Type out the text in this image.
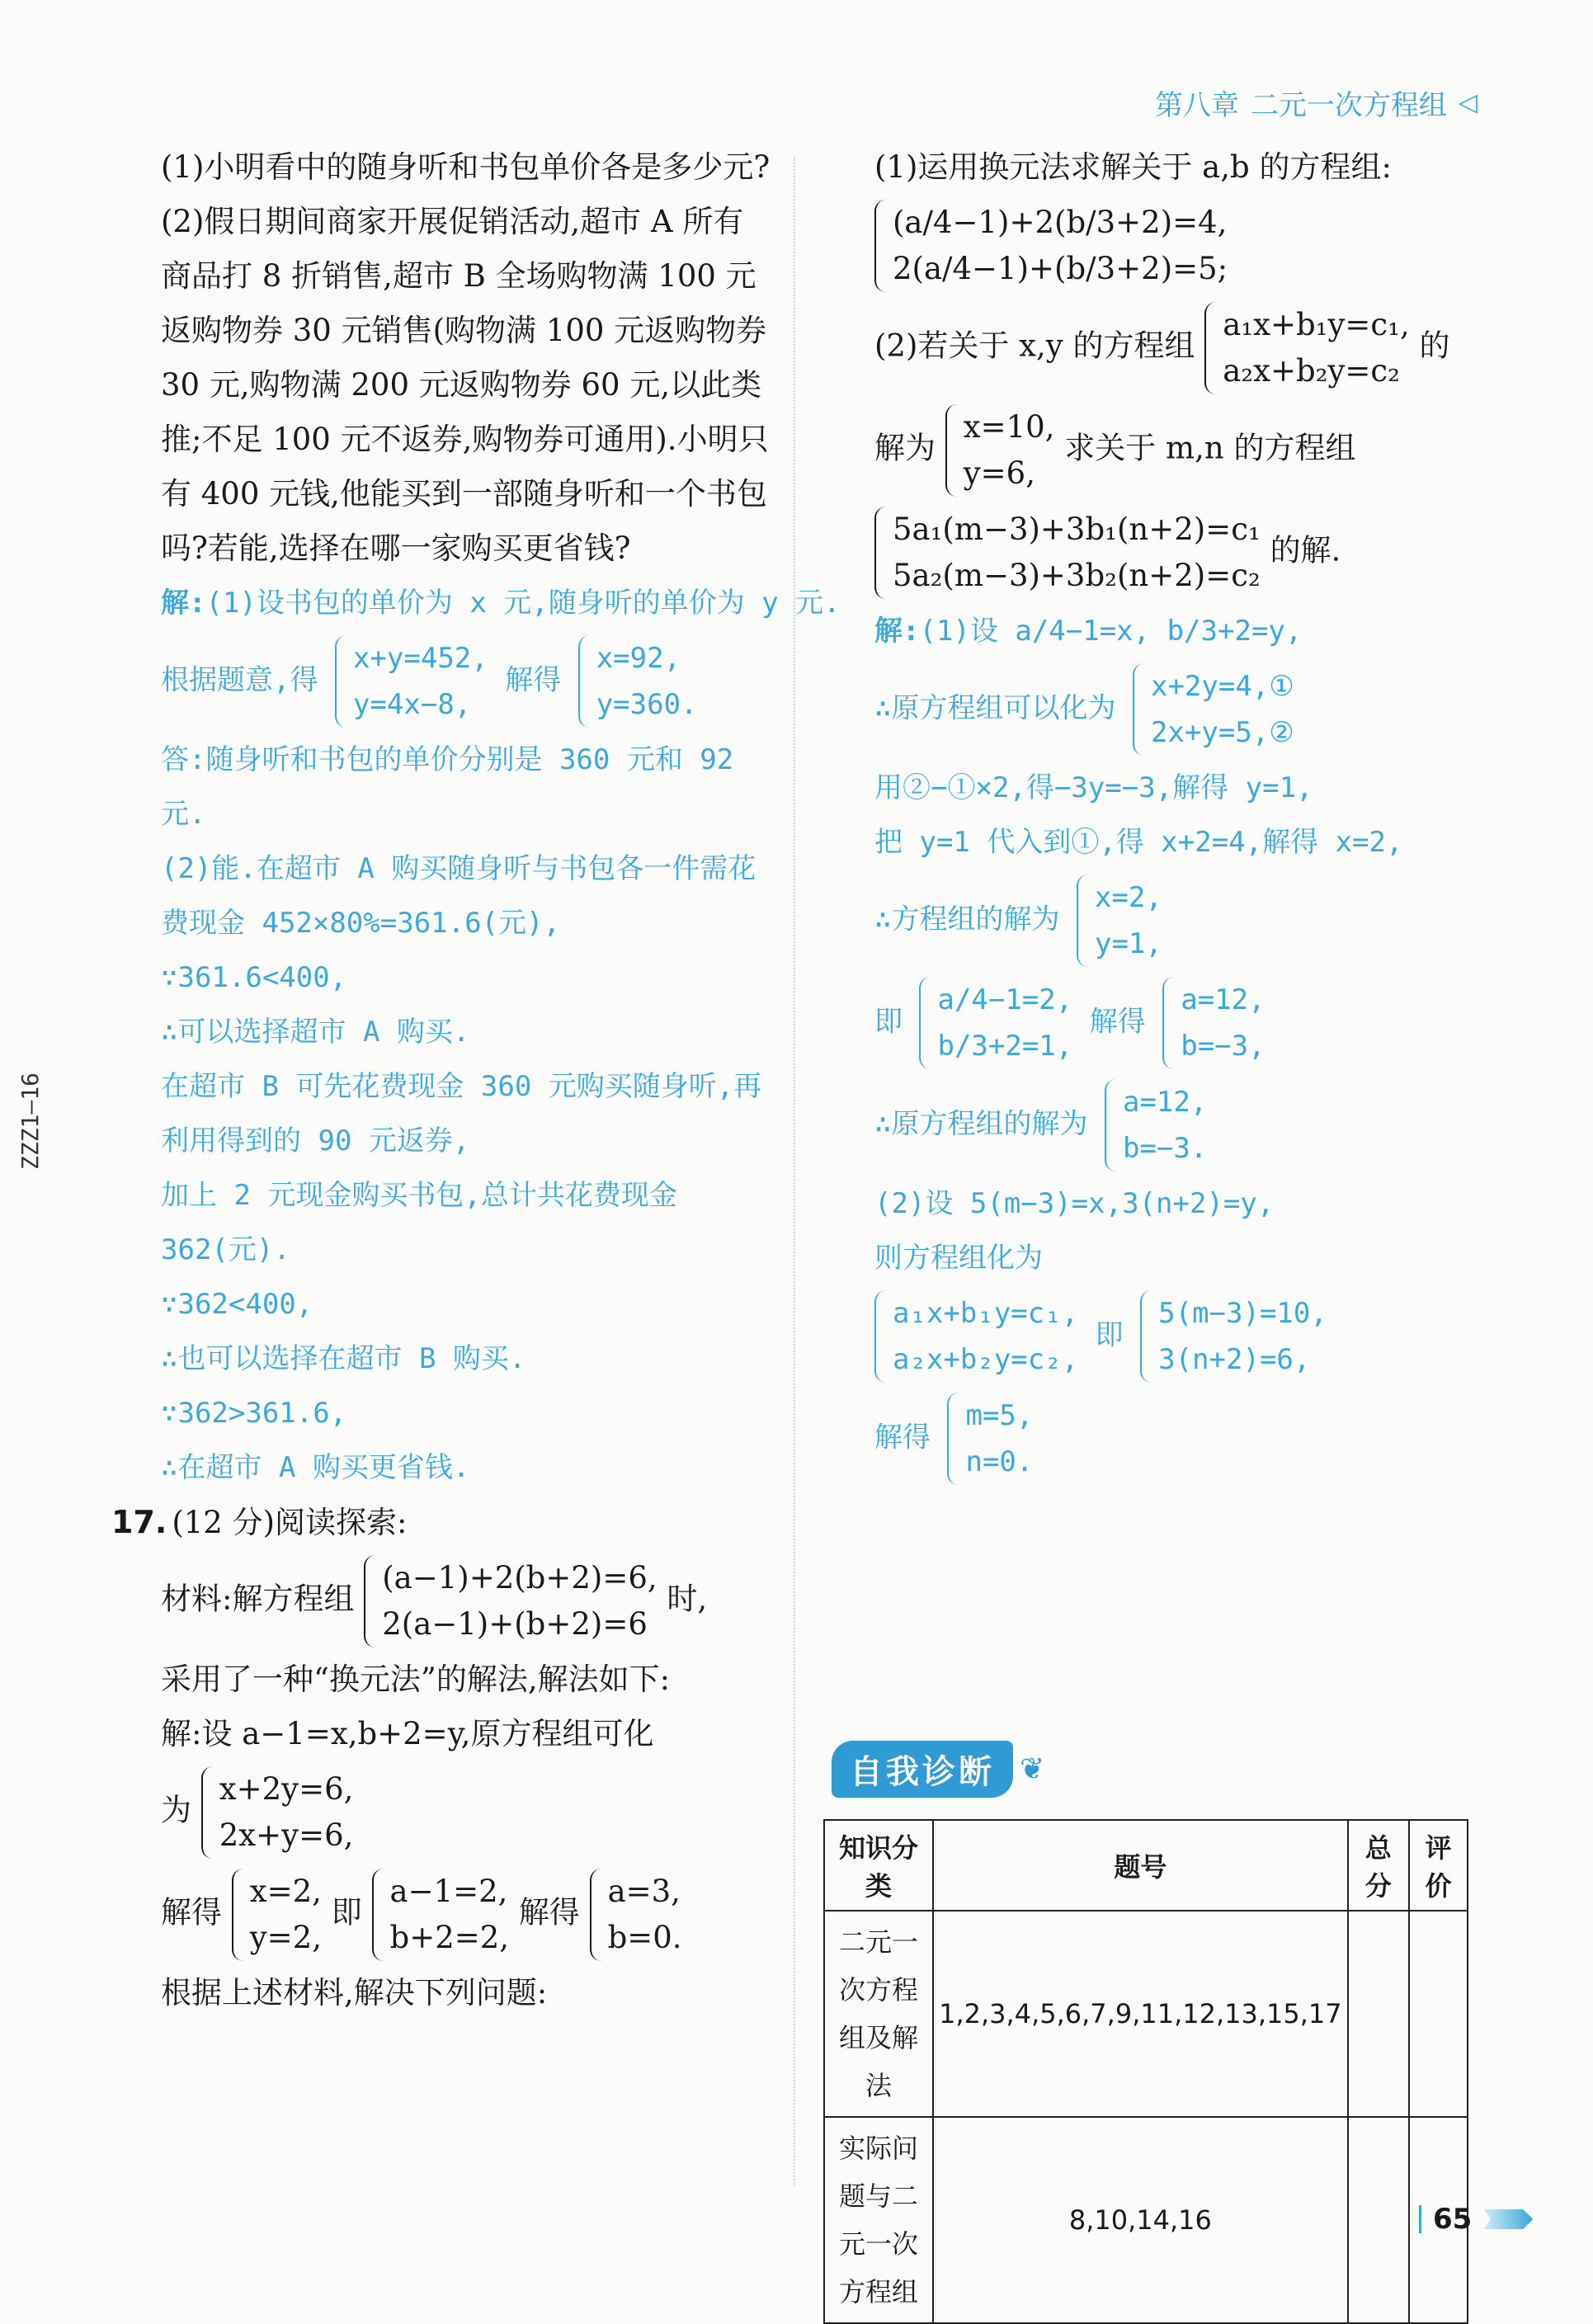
第八章 二元一次方程组 ◁
ZZZ1—16

(1)小明看中的随身听和书包单价各是多少元?

(2)假日期间商家开展促销活动,超市 A 所有商品打 8 折销售,超市 B 全场购物满 100 元返购物券 30 元销售(购物满 100 元返购物券 30 元,购物满 200 元返购物券 60 元,以此类推;不足 100 元不返券,购物券可通用).小明只有 400 元钱,他能买到一部随身听和一个书包吗?若能,选择在哪一家购买更省钱?

解:(1)设书包的单价为 x 元,随身听的单价为 y 元.
根据题意,得
x+y=452,
y=4x−8,
解得
x=92,
y=360.
答:随身听和书包的单价分别是 360 元和 92 元.
(2)能.在超市 A 购买随身听与书包各一件需花费现金 452×80%=361.6(元),
∵361.6<400,
∴可以选择超市 A 购买.
在超市 B 可先花费现金 360 元购买随身听,再利用得到的 90 元返券,
加上 2 元现金购买书包,总计共花费现金 362(元).
∵362<400,
∴也可以选择在超市 B 购买.
∵362>361.6,
∴在超市 A 购买更省钱.
17. (12 分)阅读探索:
材料:解方程组
(a−1)+2(b+2)=6,
2(a−1)+(b+2)=6
时,
采用了一种“换元法”的解法,解法如下:
解:设 a−1=x,b+2=y,原方程组可化
为
x+2y=6,
2x+y=6,
解得
x=2,
y=2,
即
a−1=2,
b+2=2,
解得
a=3,
b=0.
根据上述材料,解决下列问题:
(1)运用换元法求解关于 a,b 的方程组:
(a/4−1)+2(b/3+2)=4,
2(a/4−1)+(b/3+2)=5;
(2)若关于 x,y 的方程组
a₁x+b₁y=c₁,
a₂x+b₂y=c₂
的
解为
x=10,
y=6,
求关于 m,n 的方程组
5a₁(m−3)+3b₁(n+2)=c₁
5a₂(m−3)+3b₂(n+2)=c₂
的解.
解:(1)设 a/4−1=x, b/3+2=y,
∴原方程组可以化为
x+2y=4,①
2x+y=5,②
用②−①×2,得−3y=−3,解得 y=1,
把 y=1 代入到①,得 x+2=4,解得 x=2,
∴方程组的解为
x=2,
y=1,
即
a/4−1=2,
b/3+2=1,
解得
a=12,
b=−3,
∴原方程组的解为
a=12,
b=−3.
(2)设 5(m−3)=x,3(n+2)=y,
则方程组化为
a₁x+b₁y=c₁,
a₂x+b₂y=c₂,
即
5(m−3)=10,
3(n+2)=6,
解得
m=5,
n=0.
自我诊断 ❦
知识分类	题号	总分	评价
二元一次方程组及解法	1,2,3,4,5,6,7,9,11,12,13,15,17		
实际问题与二元一次方程组	8,10,14,16			65
